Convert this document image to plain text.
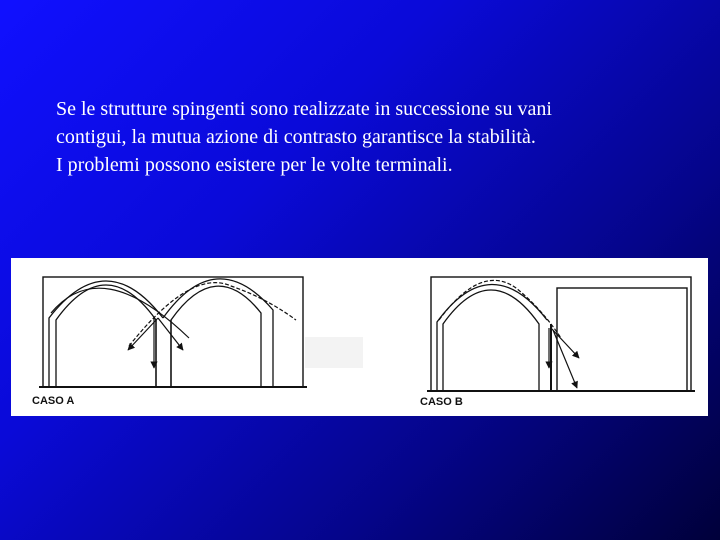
Se le strutture spingenti sono realizzate in successione su vani
contigui, la mutua azione di contrasto garantisce la stabilità.
I problemi possono esistere per le volte terminali.
CASO A	CASO B
